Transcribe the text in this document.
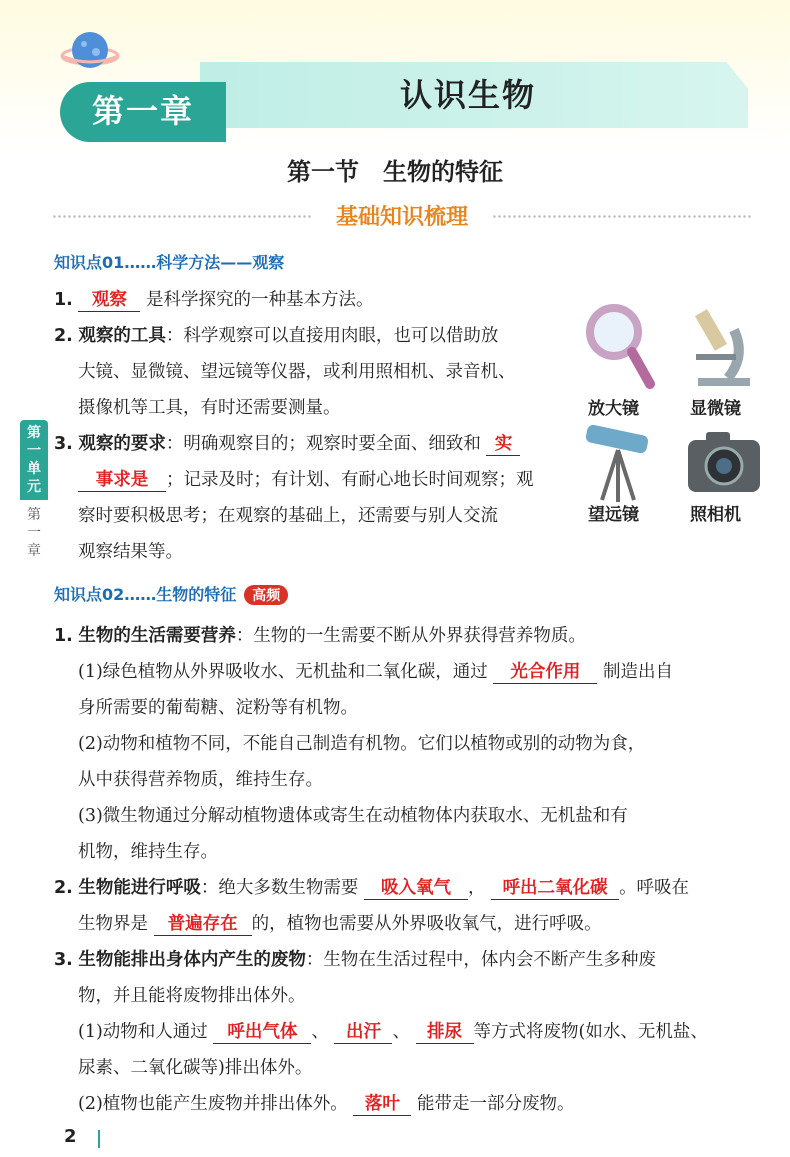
认识生物
第一章
第一节　生物的特征
基础知识梳理
第
一
单
元
第
一
章
知识点01……科学方法——观察
1. 观察 是科学探究的一种基本方法。
2. 观察的工具：科学观察可以直接用肉眼，也可以借助放
大镜、显微镜、望远镜等仪器，或利用照相机、录音机、
摄像机等工具，有时还需要测量。
3. 观察的要求：明确观察目的；观察时要全面、细致和 实
事求是 ；记录及时；有计划、有耐心地长时间观察；观
察时要积极思考；在观察的基础上，还需要与别人交流
观察结果等。
放大镜	显微镜
望远镜	照相机
知识点02……生物的特征 高频
1. 生物的生活需要营养：生物的一生需要不断从外界获得营养物质。
(1)绿色植物从外界吸收水、无机盐和二氧化碳，通过 光合作用 制造出自
身所需要的葡萄糖、淀粉等有机物。
(2)动物和植物不同，不能自己制造有机物。它们以植物或别的动物为食，
从中获得营养物质，维持生存。
(3)微生物通过分解动植物遗体或寄生在动植物体内获取水、无机盐和有
机物，维持生存。
2. 生物能进行呼吸：绝大多数生物需要 吸入氧气 ， 呼出二氧化碳 。呼吸在
生物界是 普遍存在 的，植物也需要从外界吸收氧气，进行呼吸。
3. 生物能排出身体内产生的废物：生物在生活过程中，体内会不断产生多种废
物，并且能将废物排出体外。
(1)动物和人通过 呼出气体 、 出汗 、 排尿 等方式将废物(如水、无机盐、
尿素、二氧化碳等)排出体外。
(2)植物也能产生废物并排出体外。 落叶 能带走一部分废物。
2
